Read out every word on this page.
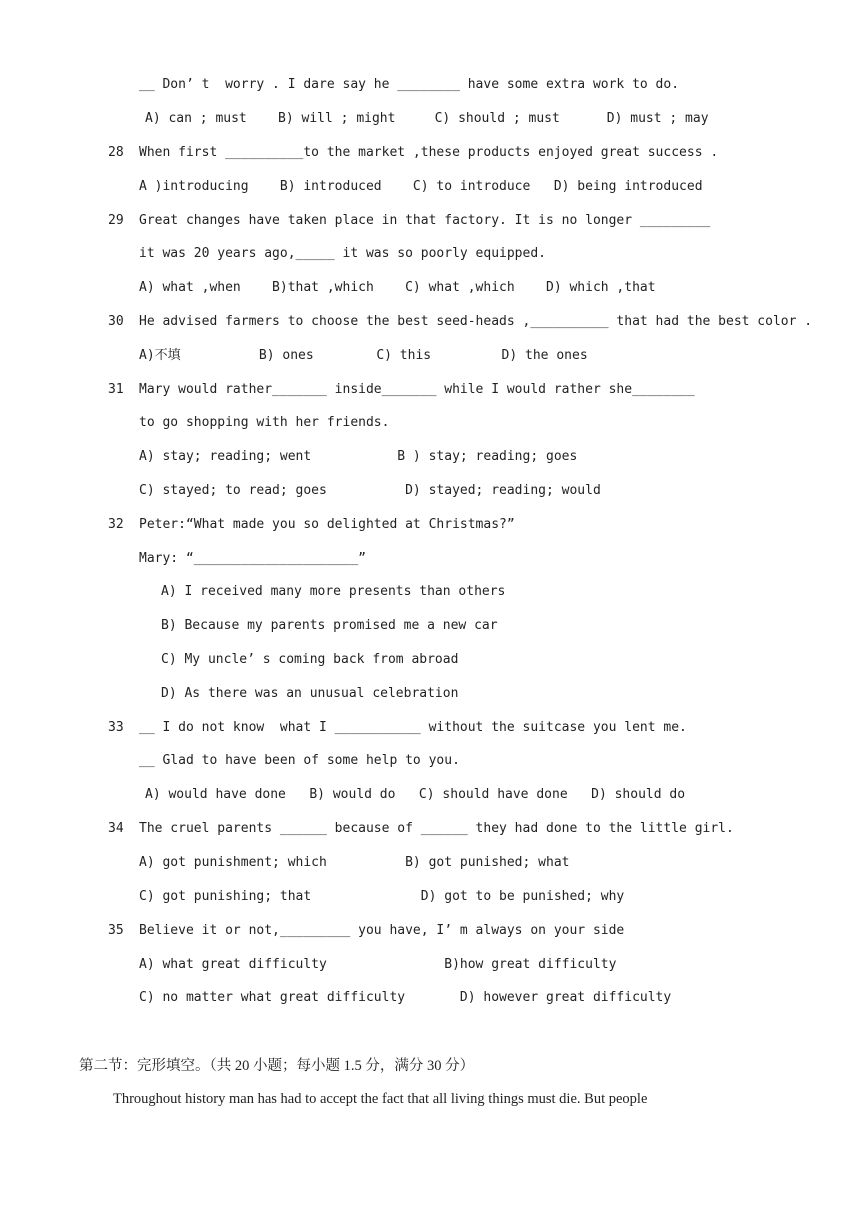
__ Don’ t  worry . I dare say he ________ have some extra work to do.
A) can ; must    B) will ; might     C) should ; must      D) must ; may
28 When first __________to the market ,these products enjoyed great success .
A )introducing    B) introduced    C) to introduce   D) being introduced
29 Great changes have taken place in that factory. It is no longer _________
it was 20 years ago,_____ it was so poorly equipped.
A) what ,when    B)that ,which    C) what ,which    D) which ,that
30 He advised farmers to choose the best seed-heads ,__________ that had the best color .
A)不填          B) ones        C) this         D) the ones
31 Mary would rather_______ inside_______ while I would rather she________
to go shopping with her friends.
A) stay; reading; went           B ) stay; reading; goes
C) stayed; to read; goes          D) stayed; reading; would
32 Peter:“What made you so delighted at Christmas?”
Mary: “_____________________”
A) I received many more presents than others
B) Because my parents promised me a new car
C) My uncle’ s coming back from abroad
D) As there was an unusual celebration
33 __ I do not know  what I ___________ without the suitcase you lent me.
__ Glad to have been of some help to you.
A) would have done   B) would do   C) should have done   D) should do
34 The cruel parents ______ because of ______ they had done to the little girl.
A) got punishment; which          B) got punished; what
C) got punishing; that              D) got to be punished; why
35 Believe it or not,_________ you have, I’ m always on your side
A) what great difficulty               B)how great difficulty
C) no matter what great difficulty       D) however great difficulty
第二节：完形填空。（共 20 小题；每小题 1.5 分，满分 30 分）
Throughout history man has had to accept the fact that all living things must die. But people
